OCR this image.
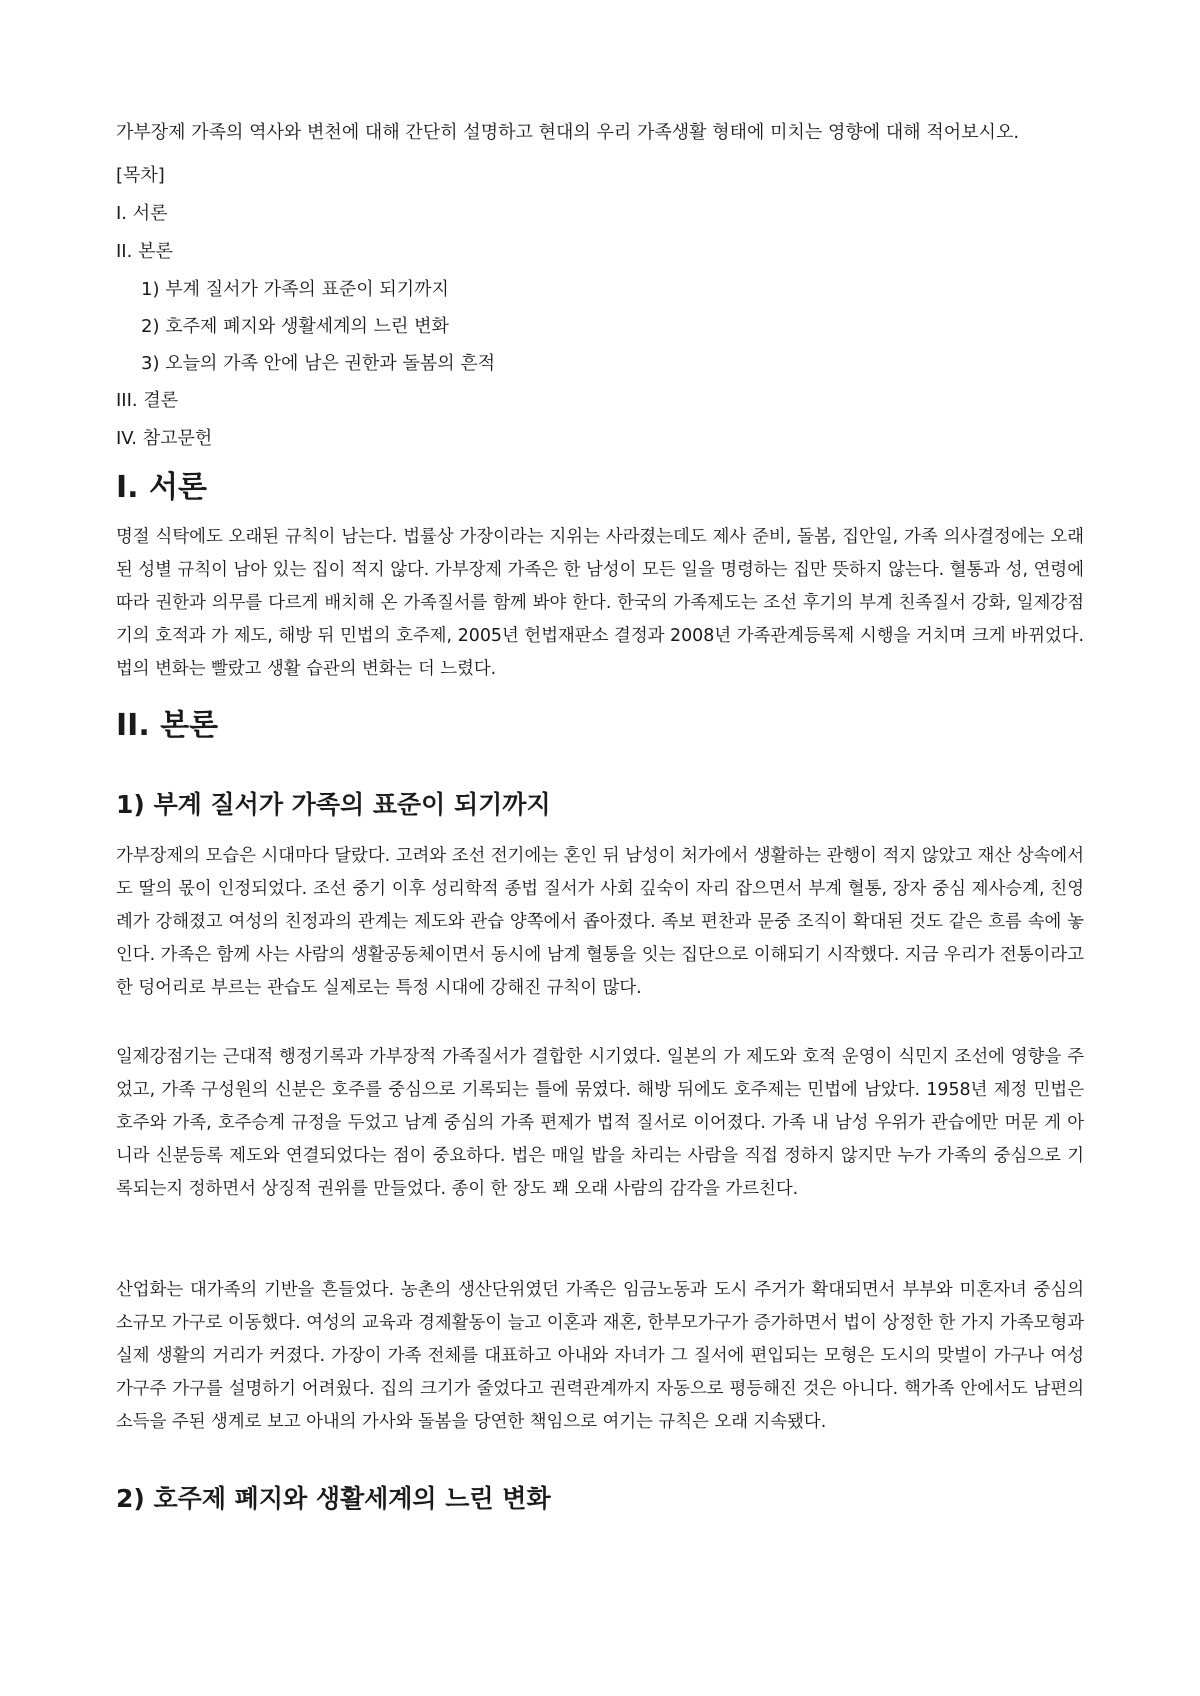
가부장제 가족의 역사와 변천에 대해 간단히 설명하고 현대의 우리 가족생활 형태에 미치는 영향에 대해 적어보시오.

[목차]
I. 서론
II. 본론
1) 부계 질서가 가족의 표준이 되기까지
2) 호주제 폐지와 생활세계의 느린 변화
3) 오늘의 가족 안에 남은 권한과 돌봄의 흔적
III. 결론
IV. 참고문헌
I. 서론

명절 식탁에도 오래된 규칙이 남는다. 법률상 가장이라는 지위는 사라졌는데도 제사 준비, 돌봄, 집안일, 가족 의사결정에는 오래된 성별 규칙이 남아 있는 집이 적지 않다. 가부장제 가족은 한 남성이 모든 일을 명령하는 집만 뜻하지 않는다. 혈통과 성, 연령에 따라 권한과 의무를 다르게 배치해 온 가족질서를 함께 봐야 한다. 한국의 가족제도는 조선 후기의 부계 친족질서 강화, 일제강점기의 호적과 가 제도, 해방 뒤 민법의 호주제, 2005년 헌법재판소 결정과 2008년 가족관계등록제 시행을 거치며 크게 바뀌었다. 법의 변화는 빨랐고 생활 습관의 변화는 더 느렸다.

II. 본론
1) 부계 질서가 가족의 표준이 되기까지

가부장제의 모습은 시대마다 달랐다. 고려와 조선 전기에는 혼인 뒤 남성이 처가에서 생활하는 관행이 적지 않았고 재산 상속에서도 딸의 몫이 인정되었다. 조선 중기 이후 성리학적 종법 질서가 사회 깊숙이 자리 잡으면서 부계 혈통, 장자 중심 제사승계, 친영례가 강해졌고 여성의 친정과의 관계는 제도와 관습 양쪽에서 좁아졌다. 족보 편찬과 문중 조직이 확대된 것도 같은 흐름 속에 놓인다. 가족은 함께 사는 사람의 생활공동체이면서 동시에 남계 혈통을 잇는 집단으로 이해되기 시작했다. 지금 우리가 전통이라고 한 덩어리로 부르는 관습도 실제로는 특정 시대에 강해진 규칙이 많다.

일제강점기는 근대적 행정기록과 가부장적 가족질서가 결합한 시기였다. 일본의 가 제도와 호적 운영이 식민지 조선에 영향을 주었고, 가족 구성원의 신분은 호주를 중심으로 기록되는 틀에 묶였다. 해방 뒤에도 호주제는 민법에 남았다. 1958년 제정 민법은 호주와 가족, 호주승계 규정을 두었고 남계 중심의 가족 편제가 법적 질서로 이어졌다. 가족 내 남성 우위가 관습에만 머문 게 아니라 신분등록 제도와 연결되었다는 점이 중요하다. 법은 매일 밥을 차리는 사람을 직접 정하지 않지만 누가 가족의 중심으로 기록되는지 정하면서 상징적 권위를 만들었다. 종이 한 장도 꽤 오래 사람의 감각을 가르친다.

산업화는 대가족의 기반을 흔들었다. 농촌의 생산단위였던 가족은 임금노동과 도시 주거가 확대되면서 부부와 미혼자녀 중심의 소규모 가구로 이동했다. 여성의 교육과 경제활동이 늘고 이혼과 재혼, 한부모가구가 증가하면서 법이 상정한 한 가지 가족모형과 실제 생활의 거리가 커졌다. 가장이 가족 전체를 대표하고 아내와 자녀가 그 질서에 편입되는 모형은 도시의 맞벌이 가구나 여성가구주 가구를 설명하기 어려웠다. 집의 크기가 줄었다고 권력관계까지 자동으로 평등해진 것은 아니다. 핵가족 안에서도 남편의 소득을 주된 생계로 보고 아내의 가사와 돌봄을 당연한 책임으로 여기는 규칙은 오래 지속됐다.

2) 호주제 폐지와 생활세계의 느린 변화
